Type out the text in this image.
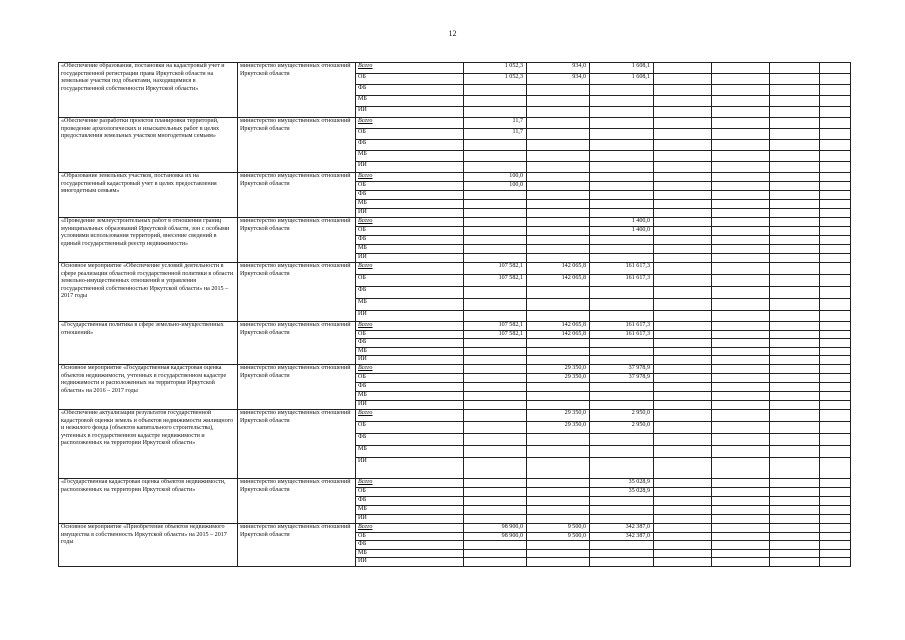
12
«Обеспечение образования, постановки на кадастровый учет и государственной регистрации права Иркутской области на земельные участки под объектами, находящимися в государственной собственности Иркутской области»	министерство имущественных отношений Иркутской области	Всего	1 052,3	934,0	1 608,1				
		ОБ	1 052,3	934,0	1 608,1				
		ФБ							
		МБ							
		ИИ							
«Обеспечение разработки проектов планировки территорий, проведение археологических и изыскательных работ в целях предоставления земельных участков многодетным семьям»	министерство имущественных отношений Иркутской области	Всего	11,7						
		ОБ	11,7						
		ФБ							
		МБ							
		ИИ							
«Образование земельных участков, постановка их на государственный кадастровый учет в целях предоставления многодетным семьям»	министерство имущественных отношений Иркутской области	Всего	100,0						
		ОБ	100,0						
		ФБ							
		МБ							
		ИИ							
«Проведение землеустроительных работ в отношении границ муниципальных образований Иркутской области, зон с особыми условиями использования территорий, внесение сведений в единый государственный реестр недвижимости»	министерство имущественных отношений Иркутской области	Всего			1 400,0				
		ОБ			1 400,0				
		ФБ							
		МБ							
		ИИ							
Основное мероприятие «Обеспечение условий деятельности в сфере реализации областной государственной политики в области земельно-имущественных отношений и управления государственной собственностью Иркутской области» на 2015 – 2017 годы	министерство имущественных отношений Иркутской области	Всего	107 582,1	142 065,8	161 617,3				
		ОБ	107 582,1	142 065,8	161 617,3				
		ФБ							
		МБ							
		ИИ							
«Государственная политика в сфере земельно-имущественных отношений»	министерство имущественных отношений Иркутской области	Всего	107 582,1	142 065,8	161 617,3				
		ОБ	107 582,1	142 065,8	161 617,3				
		ФБ							
		МБ							
		ИИ							
Основное мероприятие «Государственная кадастровая оценка объектов недвижимости, учтенных в государственном кадастре недвижимости и расположенных на территории Иркутской области» на 2016 – 2017 годы	министерство имущественных отношений Иркутской области	Всего		29 350,0	37 978,9				
		ОБ		29 350,0	37 978,9				
		ФБ							
		МБ							
		ИИ							
«Обеспечение актуализации результатов государственной кадастровой оценки земель и объектов недвижимости жилищного и нежилого фонда (объектов капитального строительства), учтенных в государственном кадастре недвижимости и расположенных на территории Иркутской области»	министерство имущественных отношений Иркутской области	Всего		29 350,0	2 950,0				
		ОБ		29 350,0	2 950,0				
		ФБ							
		МБ							
		ИИ							
«Государственная кадастровая оценка объектов недвижимости, расположенных на территории Иркутской области»	министерство имущественных отношений Иркутской области	Всего			35 028,9				
		ОБ			35 028,9				
		ФБ							
		МБ							
		ИИ							
Основное мероприятие «Приобретение объектов недвижимого имущества в собственность Иркутской области» на 2015 – 2017 годы	министерство имущественных отношений Иркутской области	Всего	98 900,0	9 500,0	342 387,0				
		ОБ	98 900,0	9 500,0	342 387,0				
		ФБ							
		МБ							
		ИИ							
